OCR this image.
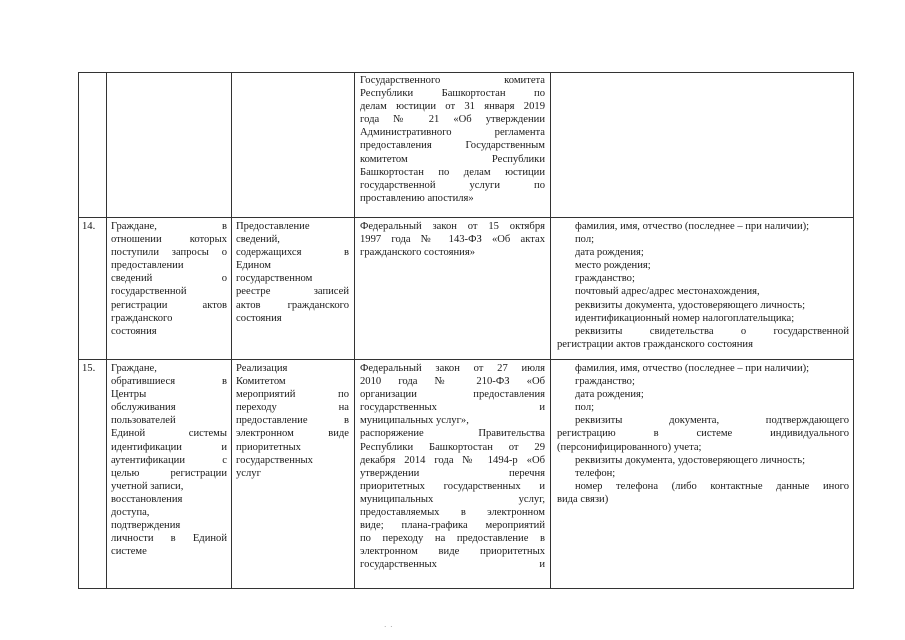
Государственного комитета
Республики Башкортостан по
делам юстиции от 31 января 2019
года № 21 «Об утверждении
Административного регламента
предоставления Государственным
комитетом Республики
Башкортостан по делам юстиции
государственной услуги по
проставлению апостиля»
14.	Граждане, в
отношении которых
поступили запросы о
предоставлении
сведений о
государственной
регистрации актов
гражданского
состояния
Предоставление
сведений,
содержащихся в
Едином
государственном
реестре записей
актов гражданского
состояния
Федеральный закон от 15 октября
1997 года № 143-ФЗ «Об актах
гражданского состояния»
фамилия, имя, отчество (последнее – при наличии);
пол;
дата рождения;
место рождения;
гражданство;
почтовый адрес/адрес местонахождения,
реквизиты документа, удостоверяющего личность;
идентификационный номер налогоплательщика;
реквизиты свидетельства о государственной
регистрации актов гражданского состояния
15.	Граждане,
обратившиеся в
Центры
обслуживания
пользователей
Единой системы
идентификации и
аутентификации с
целью регистрации
учетной записи,
восстановления
доступа,
подтверждения
личности в Единой
системе
Реализация
Комитетом
мероприятий по
переходу на
предоставление в
электронном виде
приоритетных
государственных
услуг
Федеральный закон от 27 июля
2010 года № 210-ФЗ «Об
организации предоставления
государственных и
муниципальных услуг»,
распоряжение Правительства
Республики Башкортостан от 29
декабря 2014 года № 1494-р «Об
утверждении перечня
приоритетных государственных и
муниципальных услуг,
предоставляемых в электронном
виде; плана-графика мероприятий
по переходу на предоставление в
электронном виде приоритетных
государственных и
фамилия, имя, отчество (последнее – при наличии);
гражданство;
дата рождения;
пол;
реквизиты документа, подтверждающего
регистрацию в системе индивидуального
(персонифицированного) учета;
реквизиты документа, удостоверяющего личность;
телефон;
номер телефона (либо контактные данные иного
вида связи)
· ·
